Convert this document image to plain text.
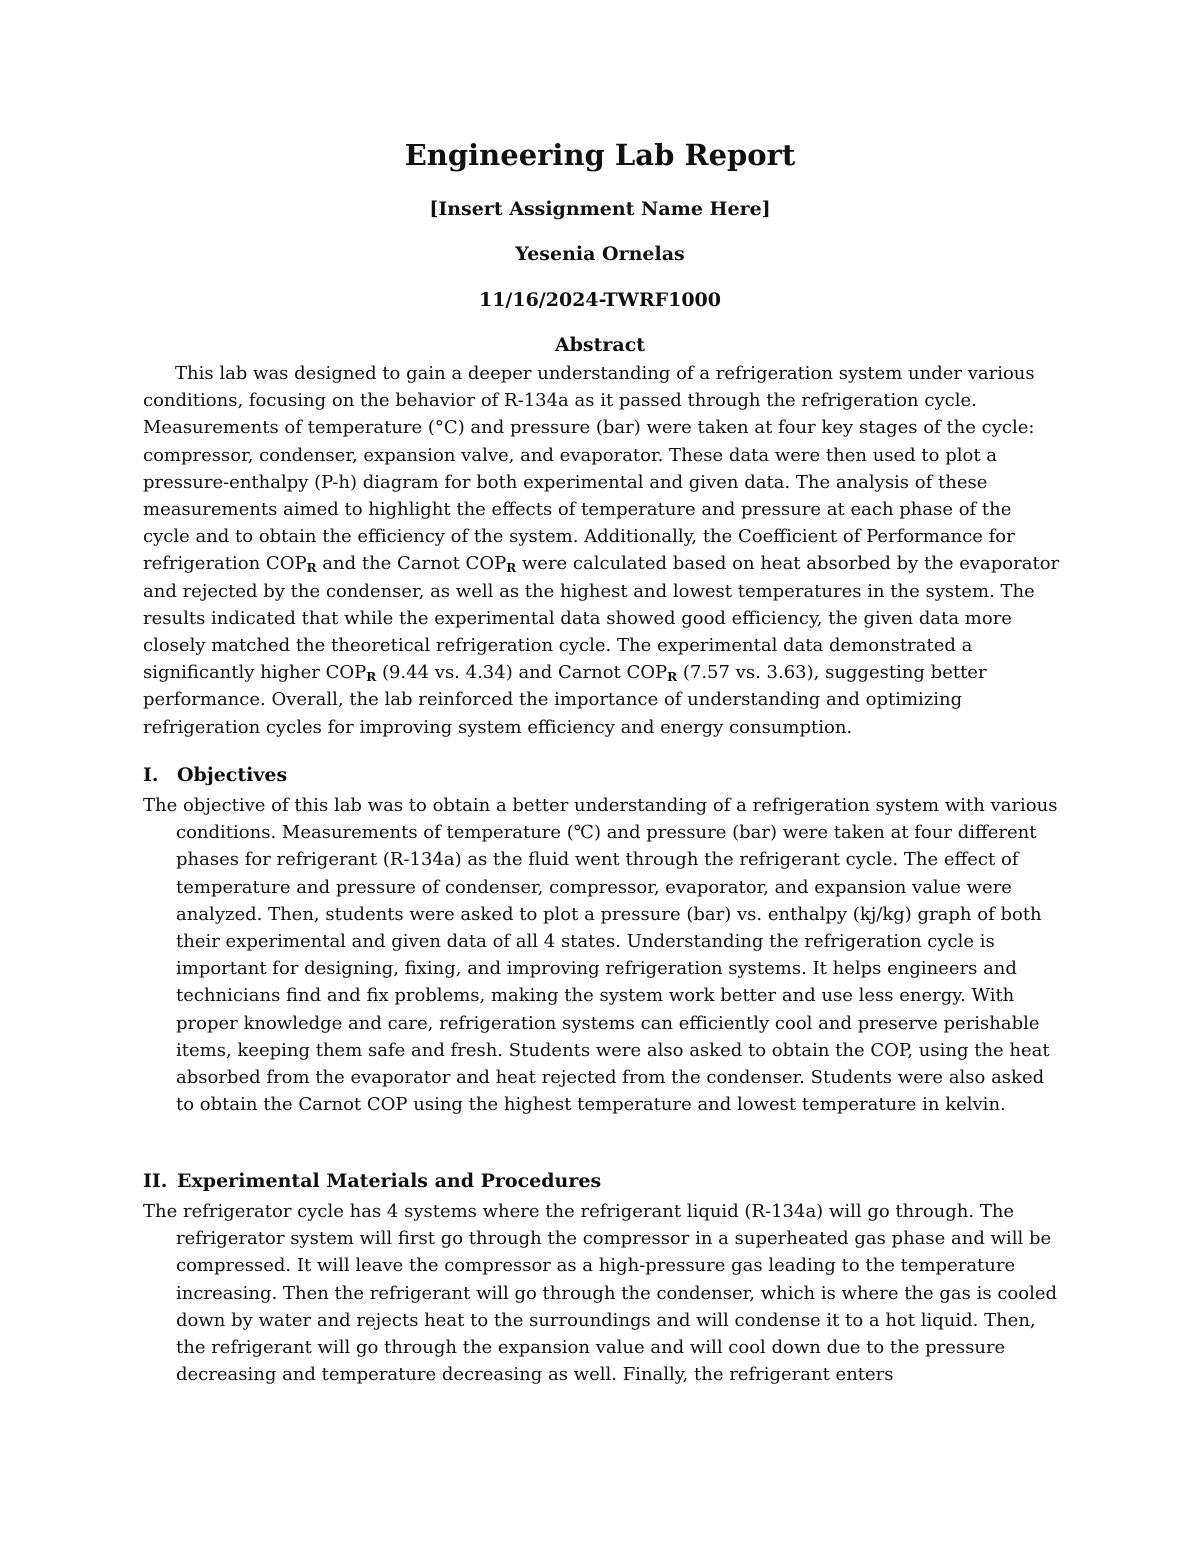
Engineering Lab Report

[Insert Assignment Name Here]

Yesenia Ornelas

11/16/2024-TWRF1000

Abstract

This lab was designed to gain a deeper understanding of a refrigeration system under various conditions, focusing on the behavior of R-134a as it passed through the refrigeration cycle. Measurements of temperature (°C) and pressure (bar) were taken at four key stages of the cycle: compressor, condenser, expansion valve, and evaporator. These data were then used to plot a pressure-enthalpy (P-h) diagram for both experimental and given data. The analysis of these measurements aimed to highlight the effects of temperature and pressure at each phase of the cycle and to obtain the efficiency of the system. Additionally, the Coefficient of Performance for refrigeration $COP_R$ and the Carnot $COP_R$ were calculated based on heat absorbed by the evaporator and rejected by the condenser, as well as the highest and lowest temperatures in the system. The results indicated that while the experimental data showed good efficiency, the given data more closely matched the theoretical refrigeration cycle. The experimental data demonstrated a significantly higher $COP_R$ (9.44 vs. 4.34) and Carnot $COP_R$ (7.57 vs. 3.63), suggesting better performance. Overall, the lab reinforced the importance of understanding and optimizing refrigeration cycles for improving system efficiency and energy consumption.

I. Objectives

The objective of this lab was to obtain a better understanding of a refrigeration system with various conditions. Measurements of temperature (℃) and pressure (bar) were taken at four different phases for refrigerant (R-134a) as the fluid went through the refrigerant cycle. The effect of temperature and pressure of condenser, compressor, evaporator, and expansion value were analyzed. Then, students were asked to plot a pressure (bar) vs. enthalpy (kj/kg) graph of both their experimental and given data of all 4 states. Understanding the refrigeration cycle is important for designing, fixing, and improving refrigeration systems. It helps engineers and technicians find and fix problems, making the system work better and use less energy. With proper knowledge and care, refrigeration systems can efficiently cool and preserve perishable items, keeping them safe and fresh. Students were also asked to obtain the COP, using the heat absorbed from the evaporator and heat rejected from the condenser. Students were also asked to obtain the Carnot COP using the highest temperature and lowest temperature in kelvin.

II. Experimental Materials and Procedures

The refrigerator cycle has 4 systems where the refrigerant liquid (R-134a) will go through. The refrigerator system will first go through the compressor in a superheated gas phase and will be compressed. It will leave the compressor as a high-pressure gas leading to the temperature increasing. Then the refrigerant will go through the condenser, which is where the gas is cooled down by water and rejects heat to the surroundings and will condense it to a hot liquid. Then, the refrigerant will go through the expansion value and will cool down due to the pressure decreasing and temperature decreasing as well. Finally, the refrigerant enters
